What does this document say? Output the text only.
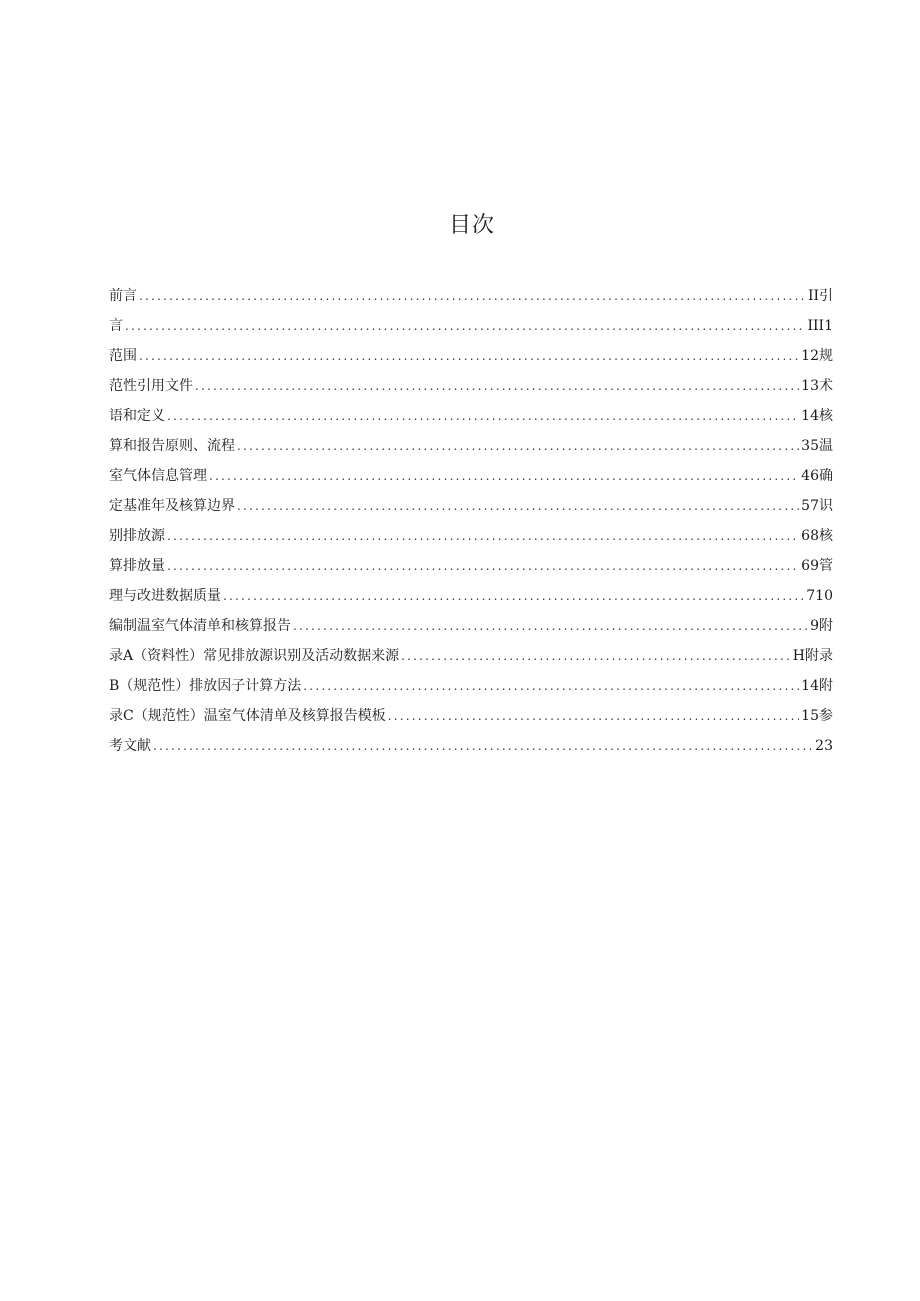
目次
前言 .....	II引
言 .....	III1
范围 .....	12规
范性引用文件 .....	13术
语和定义 .....	14核
算和报告原则、流程 .....	35温
室气体信息管理 .....	46确
定基准年及核算边界 .....	57识
别排放源 .....	68核
算排放量 .....	69管
理与改进数据质量 .....	710
编制温室气体清单和核算报告 .....	9附
录A（资料性）常见排放源识别及活动数据来源 .....	H附录
B（规范性）排放因子计算方法 .....	14附
录C（规范性）温室气体清单及核算报告模板 .....	15参
考文献 .....	23
